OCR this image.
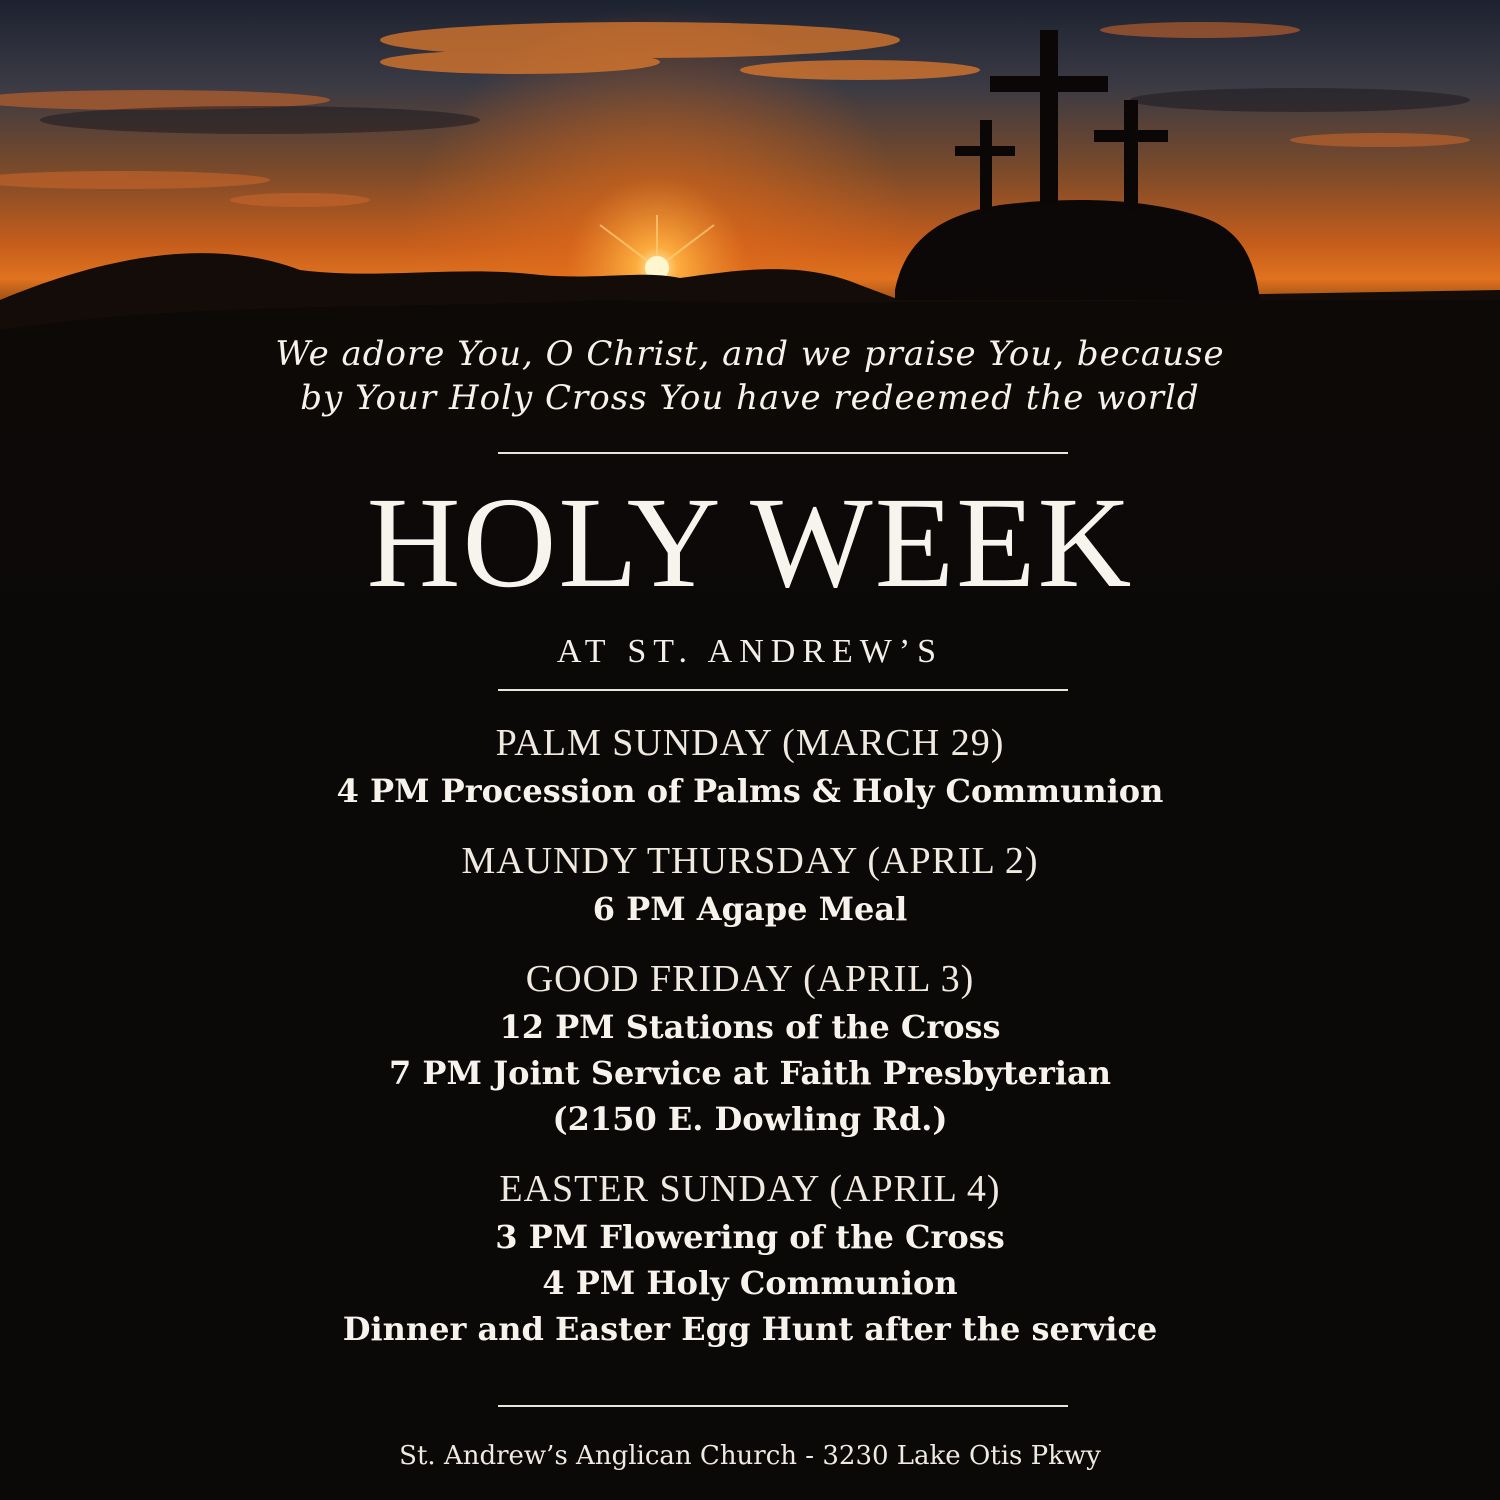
We adore You, O Christ, and we praise You, because
by Your Holy Cross You have redeemed the world
HOLY WEEK
AT ST. ANDREW’S
PALM SUNDAY (MARCH 29)
4 PM Procession of Palms & Holy Communion
MAUNDY THURSDAY (APRIL 2)
6 PM Agape Meal
GOOD FRIDAY (APRIL 3)
12 PM Stations of the Cross
7 PM Joint Service at Faith Presbyterian
(2150 E. Dowling Rd.)
EASTER SUNDAY (APRIL 4)
3 PM Flowering of the Cross
4 PM Holy Communion
Dinner and Easter Egg Hunt after the service
St. Andrew’s Anglican Church - 3230 Lake Otis Pkwy
